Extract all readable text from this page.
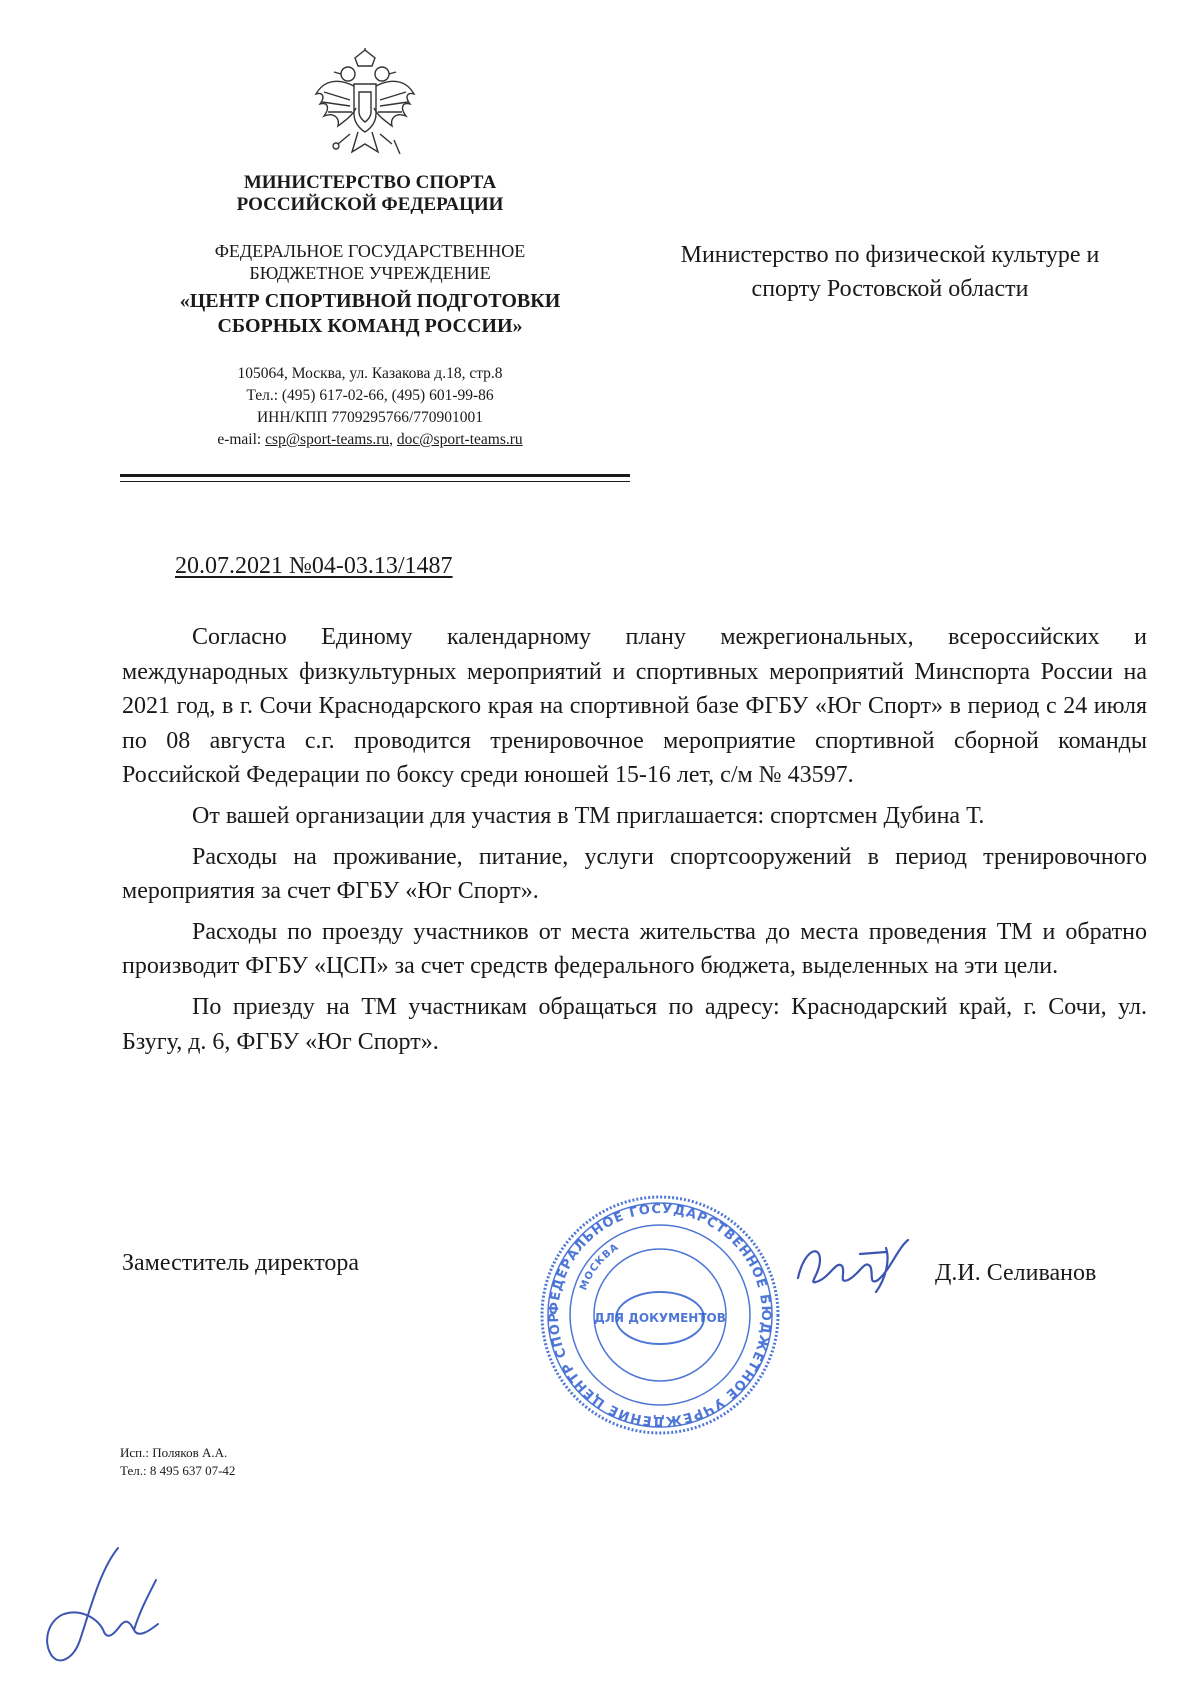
МИНИСТЕРСТВО СПОРТА
РОССИЙСКОЙ ФЕДЕРАЦИИ
ФЕДЕРАЛЬНОЕ ГОСУДАРСТВЕННОЕ
БЮДЖЕТНОЕ УЧРЕЖДЕНИЕ
«ЦЕНТР СПОРТИВНОЙ ПОДГОТОВКИ
СБОРНЫХ КОМАНД РОССИИ»
105064, Москва, ул. Казакова д.18, стр.8
Тел.: (495) 617-02-66, (495) 601-99-86
ИНН/КПП 7709295766/770901001
e-mail: csp@sport-teams.ru, doc@sport-teams.ru
Министерство по физической культуре и
спорту Ростовской области
20.07.2021 №04-03.13/1487

Согласно Единому календарному плану межрегиональных, всероссийских и международных физкультурных мероприятий и спортивных мероприятий Минспорта России на 2021 год, в г. Сочи Краснодарского края на спортивной базе ФГБУ «Юг Спорт» в период с 24 июля по 08 августа с.г. проводится тренировочное мероприятие спортивной сборной команды Российской Федерации по боксу среди юношей 15-16 лет, с/м № 43597.

От вашей организации для участия в ТМ приглашается: спортсмен Дубина Т.

Расходы на проживание, питание, услуги спортсооружений в период тренировочного мероприятия за счет ФГБУ «Юг Спорт».

Расходы по проезду участников от места жительства до места проведения ТМ и обратно производит ФГБУ «ЦСП» за счет средств федерального бюджета, выделенных на эти цели.

По приезду на ТМ участникам обращаться по адресу: Краснодарский край, г. Сочи, ул. Бзугу, д. 6, ФГБУ «Юг Спорт».

Заместитель директора
ФЕДЕРАЛЬНОЕ ГОСУДАРСТВЕННОЕ БЮДЖЕТНОЕ УЧРЕЖДЕНИЕ ЦЕНТР СПОР
МОСКВА
ДЛЯ ДОКУМЕНТОВ
Д.И. Селиванов
Исп.: Поляков А.А.
Тел.: 8 495 637 07-42
